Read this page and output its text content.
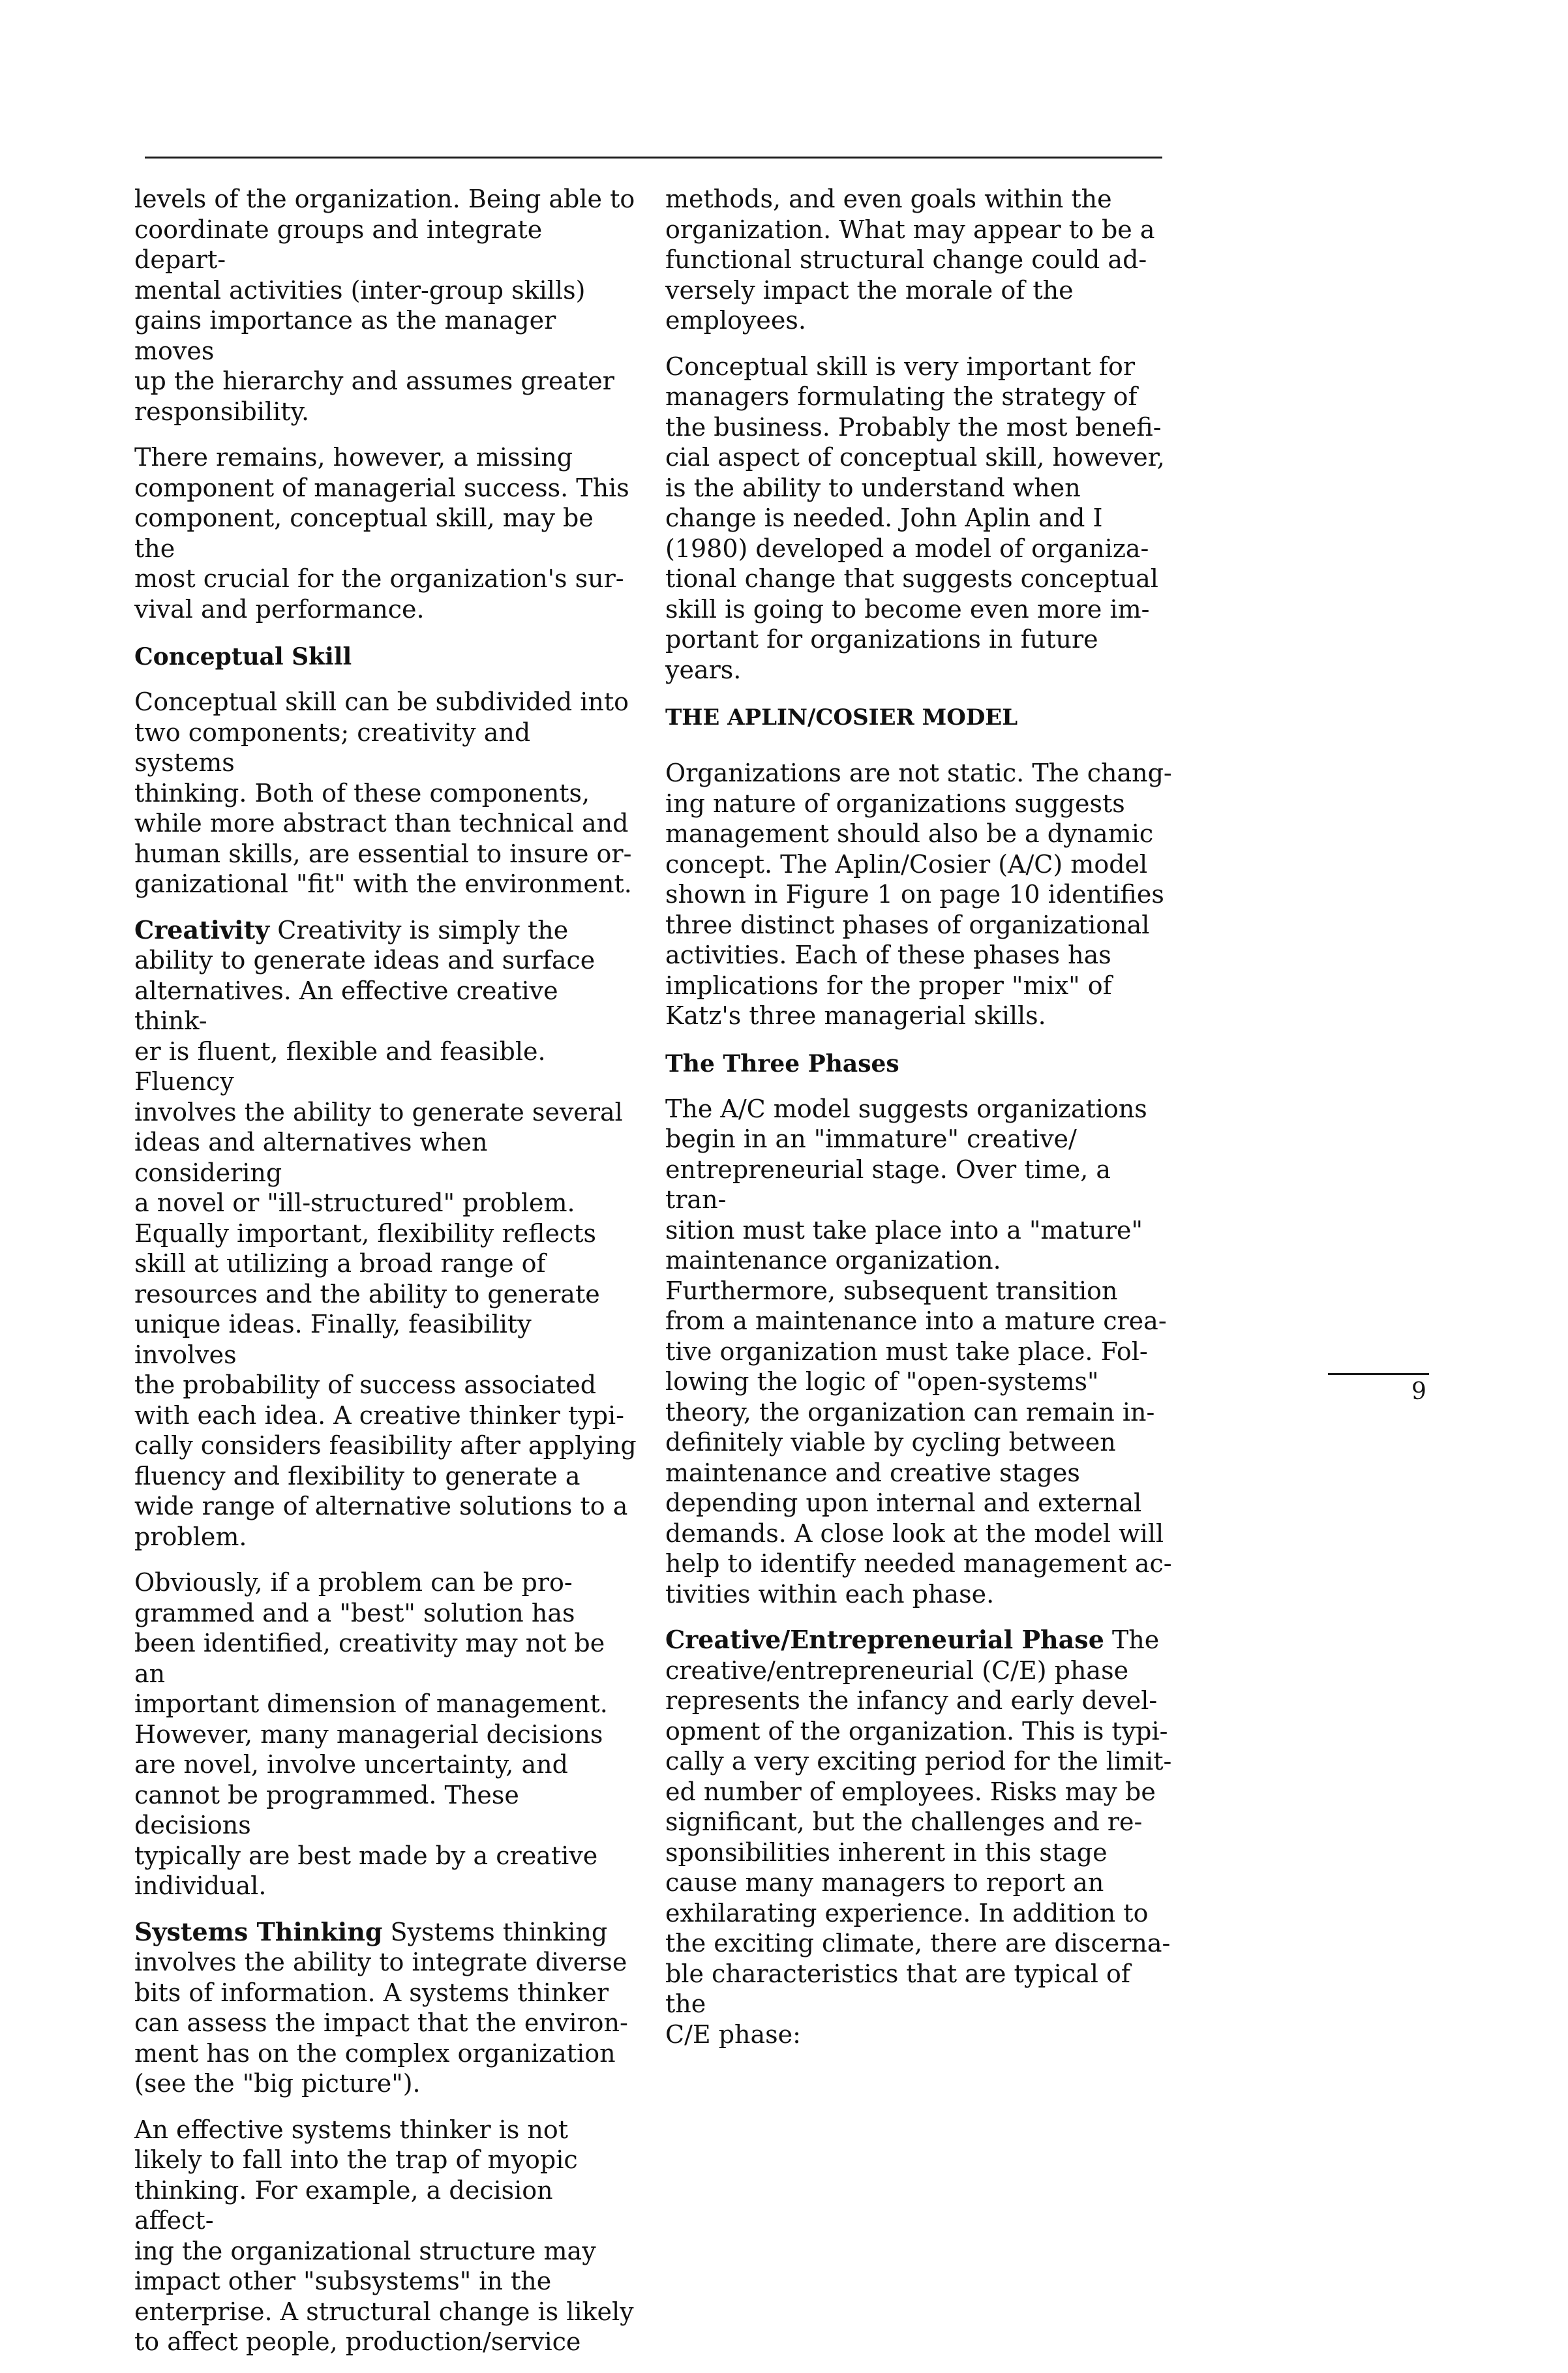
levels of the organization. Being able to
coordinate groups and integrate depart-
mental activities (inter-group skills)
gains importance as the manager moves
up the hierarchy and assumes greater
responsibility.

There remains, however, a missing
component of managerial success. This
component, conceptual skill, may be the
most crucial for the organization's sur-
vival and performance.

Conceptual Skill

Conceptual skill can be subdivided into
two components; creativity and systems
thinking. Both of these components,
while more abstract than technical and
human skills, are essential to insure or-
ganizational "fit" with the environment.

Creativity Creativity is simply the
ability to generate ideas and surface
alternatives. An effective creative think-
er is fluent, flexible and feasible. Fluency
involves the ability to generate several
ideas and alternatives when considering
a novel or "ill-structured" problem.
Equally important, flexibility reflects
skill at utilizing a broad range of
resources and the ability to generate
unique ideas. Finally, feasibility involves
the probability of success associated
with each idea. A creative thinker typi-
cally considers feasibility after applying
fluency and flexibility to generate a
wide range of alternative solutions to a
problem.

Obviously, if a problem can be pro-
grammed and a "best" solution has
been identified, creativity may not be an
important dimension of management.
However, many managerial decisions
are novel, involve uncertainty, and
cannot be programmed. These decisions
typically are best made by a creative
individual.

Systems Thinking Systems thinking
involves the ability to integrate diverse
bits of information. A systems thinker
can assess the impact that the environ-
ment has on the complex organization
(see the "big picture").

An effective systems thinker is not
likely to fall into the trap of myopic
thinking. For example, a decision affect-
ing the organizational structure may
impact other "subsystems" in the
enterprise. A structural change is likely
to affect people, production/service

methods, and even goals within the
organization. What may appear to be a
functional structural change could ad-
versely impact the morale of the
employees.

Conceptual skill is very important for
managers formulating the strategy of
the business. Probably the most benefi-
cial aspect of conceptual skill, however,
is the ability to understand when
change is needed. John Aplin and I
(1980) developed a model of organiza-
tional change that suggests conceptual
skill is going to become even more im-
portant for organizations in future
years.

THE APLIN/COSIER MODEL

Organizations are not static. The chang-
ing nature of organizations suggests
management should also be a dynamic
concept. The Aplin/Cosier (A/C) model
shown in Figure 1 on page 10 identifies
three distinct phases of organizational
activities. Each of these phases has
implications for the proper "mix" of
Katz's three managerial skills.

The Three Phases

The A/C model suggests organizations
begin in an "immature" creative/
entrepreneurial stage. Over time, a tran-
sition must take place into a "mature"
maintenance organization.
Furthermore, subsequent transition
from a maintenance into a mature crea-
tive organization must take place. Fol-
lowing the logic of "open-systems"
theory, the organization can remain in-
definitely viable by cycling between
maintenance and creative stages
depending upon internal and external
demands. A close look at the model will
help to identify needed management ac-
tivities within each phase.

Creative/Entrepreneurial Phase The
creative/entrepreneurial (C/E) phase
represents the infancy and early devel-
opment of the organization. This is typi-
cally a very exciting period for the limit-
ed number of employees. Risks may be
significant, but the challenges and re-
sponsibilities inherent in this stage
cause many managers to report an
exhilarating experience. In addition to
the exciting climate, there are discerna-
ble characteristics that are typical of the
C/E phase:

9
